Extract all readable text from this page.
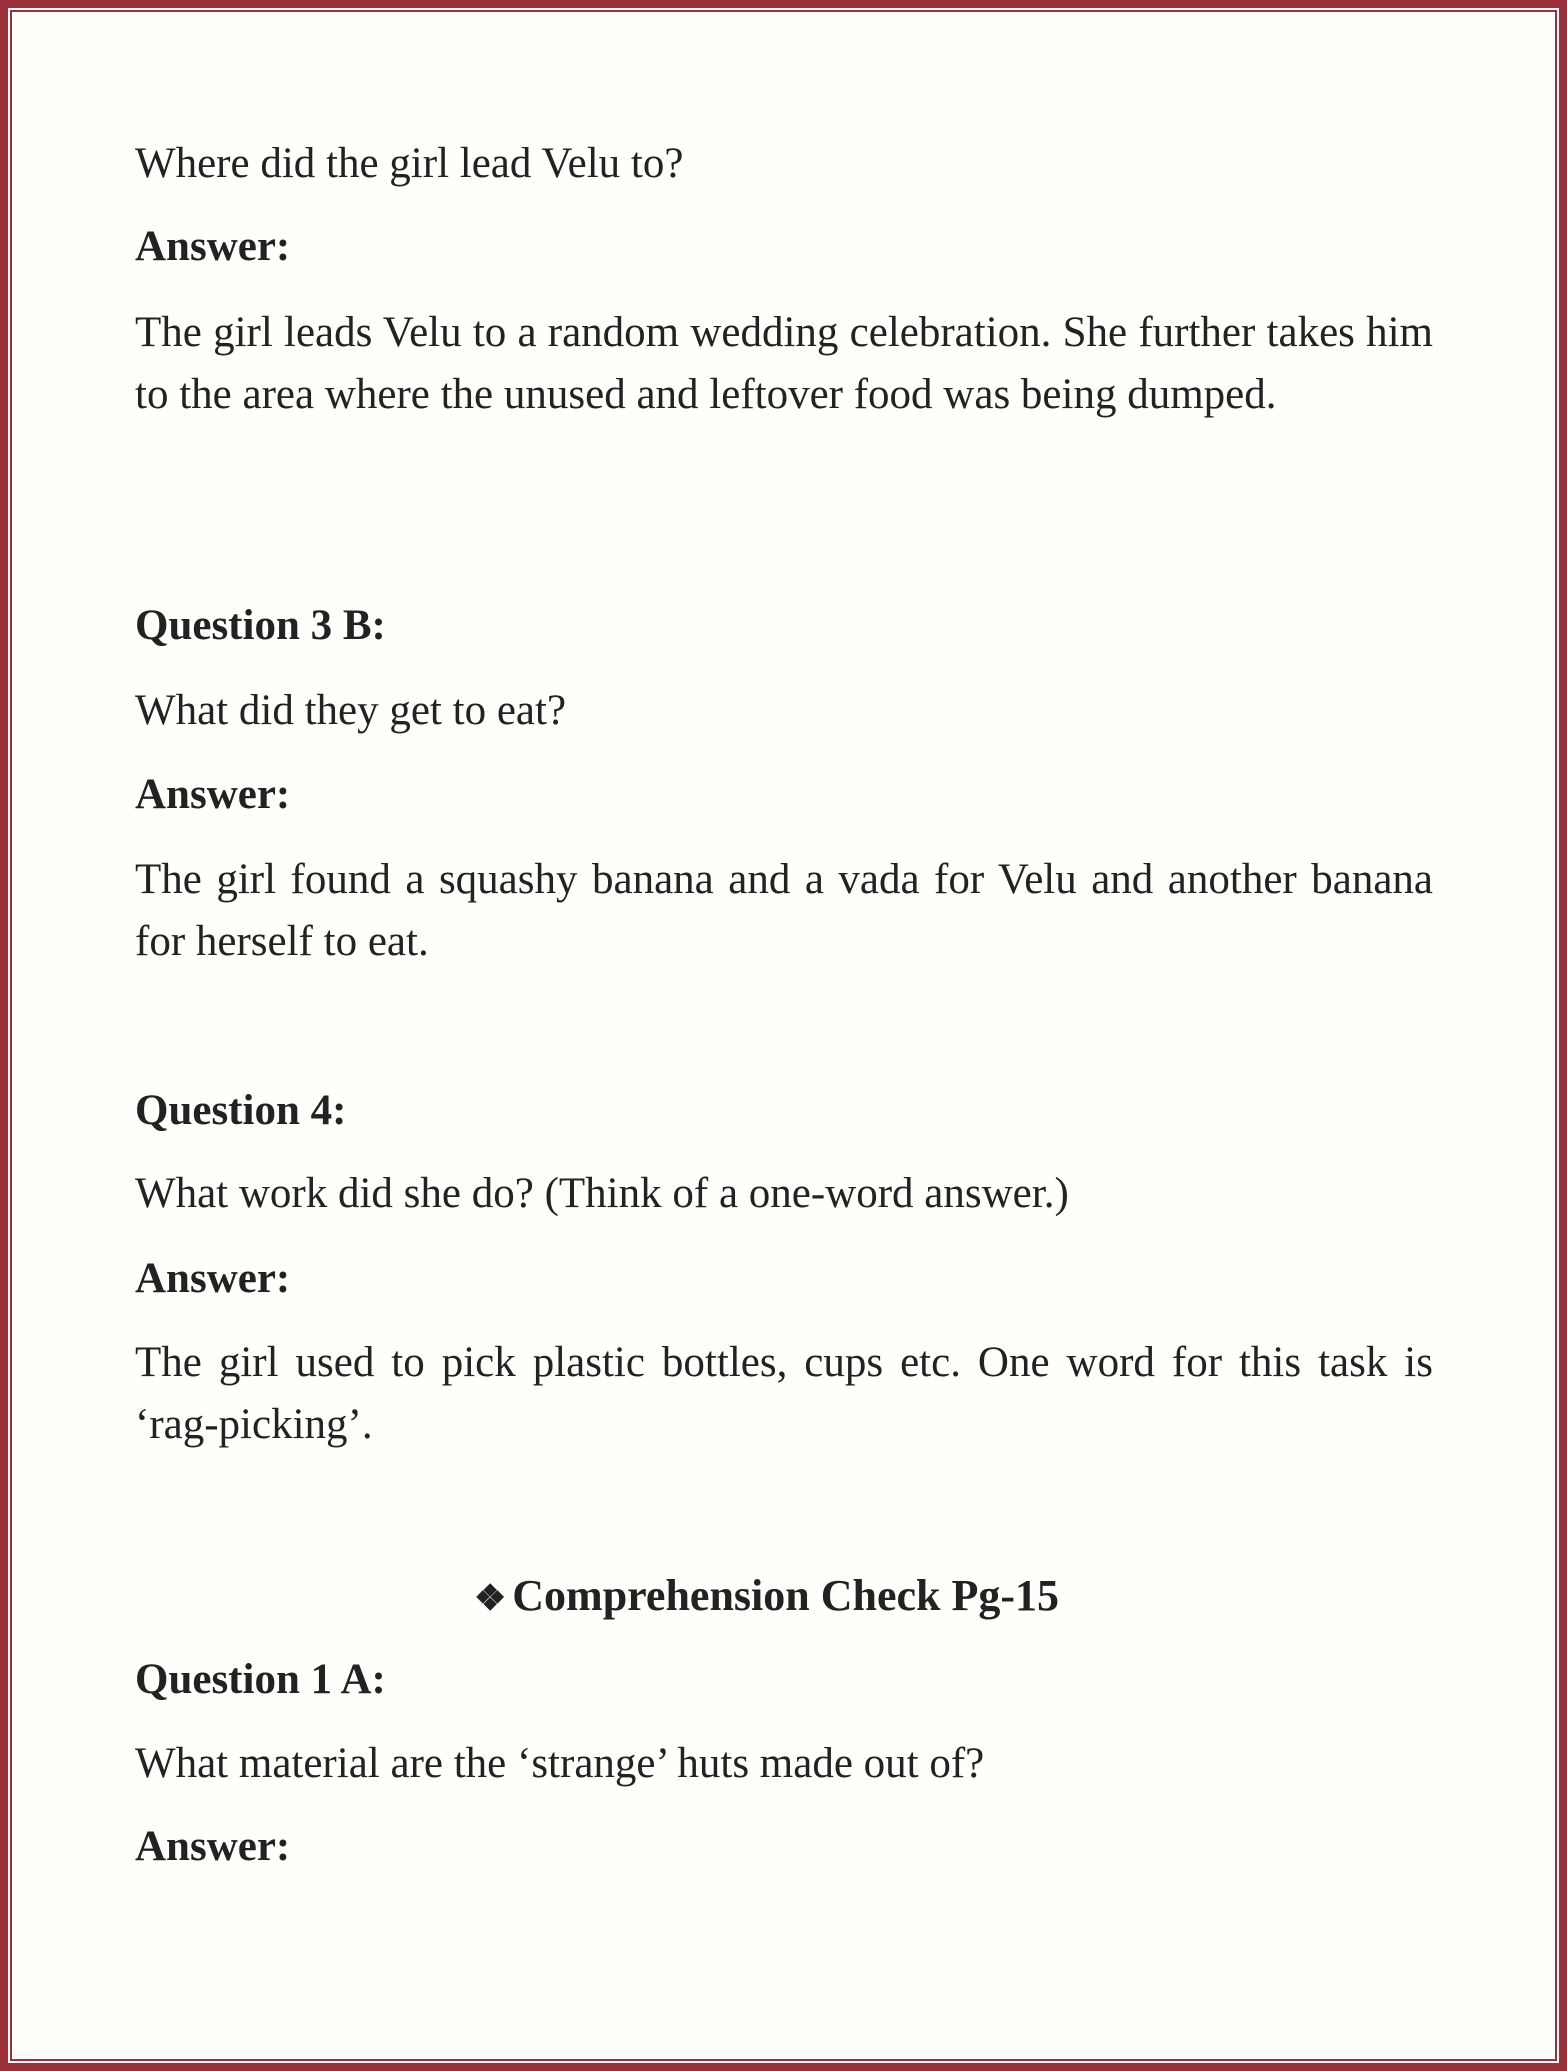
Where did the girl lead Velu to?
Answer:
The girl leads Velu to a random wedding celebration. She further takes him to the area where the unused and leftover food was being dumped.
Question 3 B:
What did they get to eat?
Answer:
The girl found a squashy banana and a vada for Velu and another banana for herself to eat.
Question 4:
What work did she do? (Think of a one-word answer.)
Answer:
The girl used to pick plastic bottles, cups etc. One word for this task is ‘rag-picking’.
❖ Comprehension Check Pg-15
Question 1 A:
What material are the ‘strange’ huts made out of?
Answer:
